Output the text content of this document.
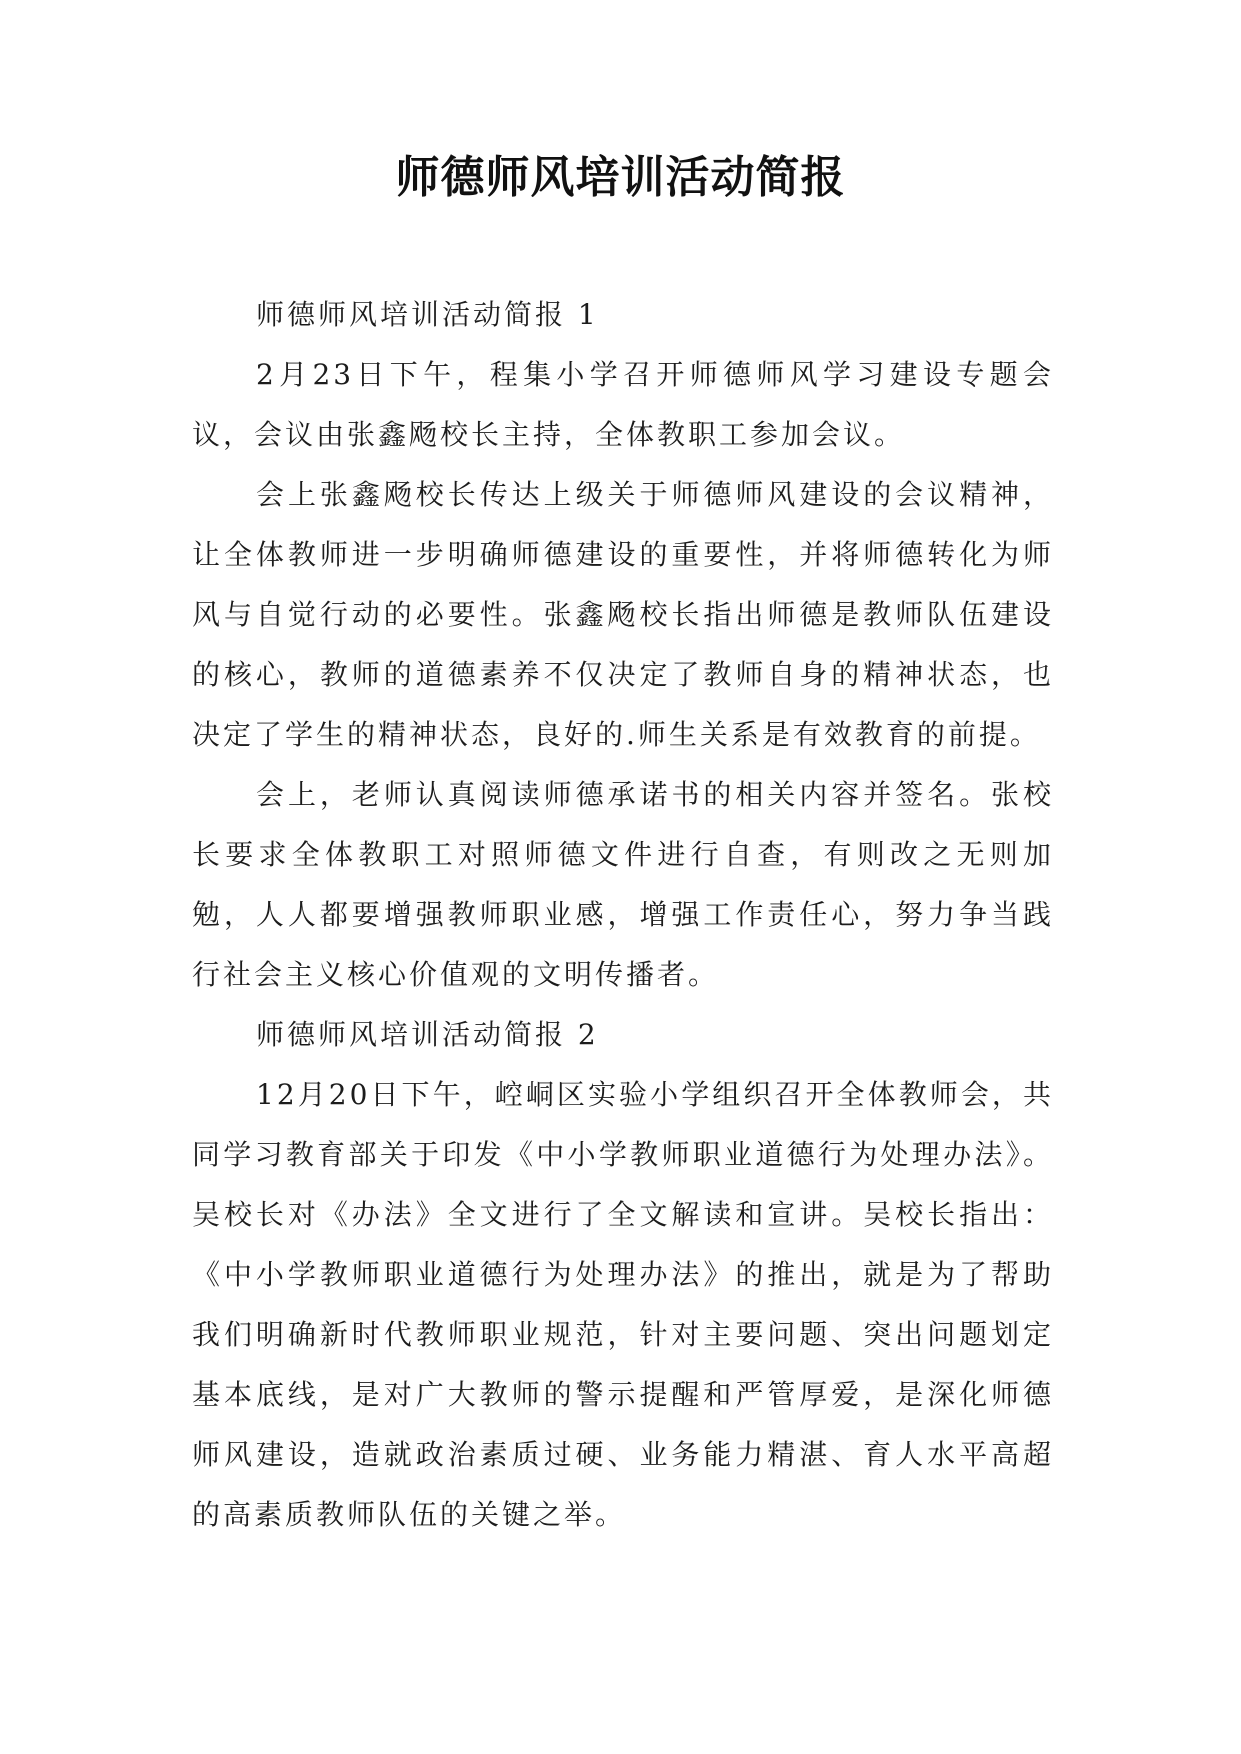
师德师风培训活动简报

师德师风培训活动简报 1

2月23日下午，程集小学召开师德师风学习建设专题会议，会议由张鑫飏校长主持，全体教职工参加会议。

会上张鑫飏校长传达上级关于师德师风建设的会议精神，让全体教师进一步明确师德建设的重要性，并将师德转化为师风与自觉行动的必要性。张鑫飏校长指出师德是教师队伍建设的核心，教师的道德素养不仅决定了教师自身的精神状态，也决定了学生的精神状态，良好的.师生关系是有效教育的前提。

会上，老师认真阅读师德承诺书的相关内容并签名。张校长要求全体教职工对照师德文件进行自查，有则改之无则加勉，人人都要增强教师职业感，增强工作责任心，努力争当践行社会主义核心价值观的文明传播者。

师德师风培训活动简报 2

12月20日下午，崆峒区实验小学组织召开全体教师会，共同学习教育部关于印发《中小学教师职业道德行为处理办法》。吴校长对《办法》全文进行了全文解读和宣讲。吴校长指出：《中小学教师职业道德行为处理办法》的推出，就是为了帮助我们明确新时代教师职业规范，针对主要问题、突出问题划定基本底线，是对广大教师的警示提醒和严管厚爱，是深化师德师风建设，造就政治素质过硬、业务能力精湛、育人水平高超的高素质教师队伍的关键之举。
